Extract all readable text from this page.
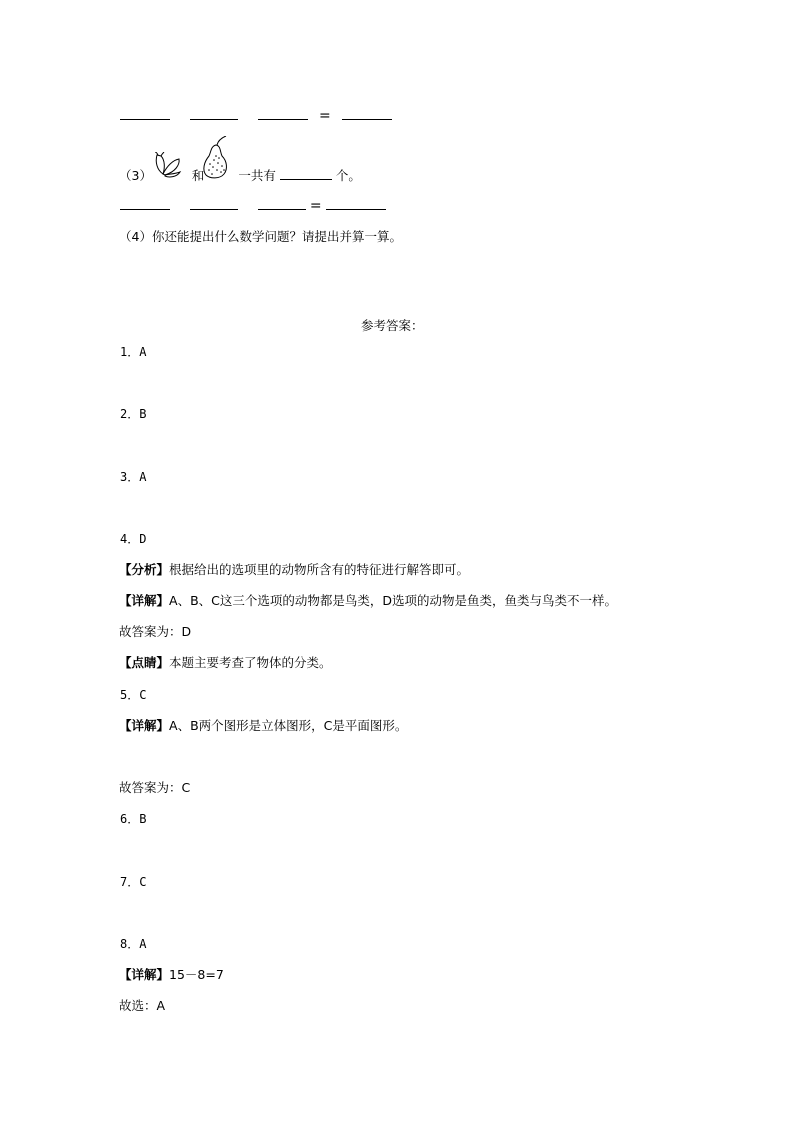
=
（3）	和	一共有	个。
=
（4）你还能提出什么数学问题？请提出并算一算。
参考答案：
1．A
2．B
3．A
4．D
【分析】根据给出的选项里的动物所含有的特征进行解答即可。
【详解】A、B、C这三个选项的动物都是鸟类，D选项的动物是鱼类，鱼类与鸟类不一样。
故答案为：D
【点睛】本题主要考查了物体的分类。
5．C
【详解】A、B两个图形是立体图形，C是平面图形。
故答案为：C
6．B
7．C
8．A
【详解】15－8=7
故选：A
